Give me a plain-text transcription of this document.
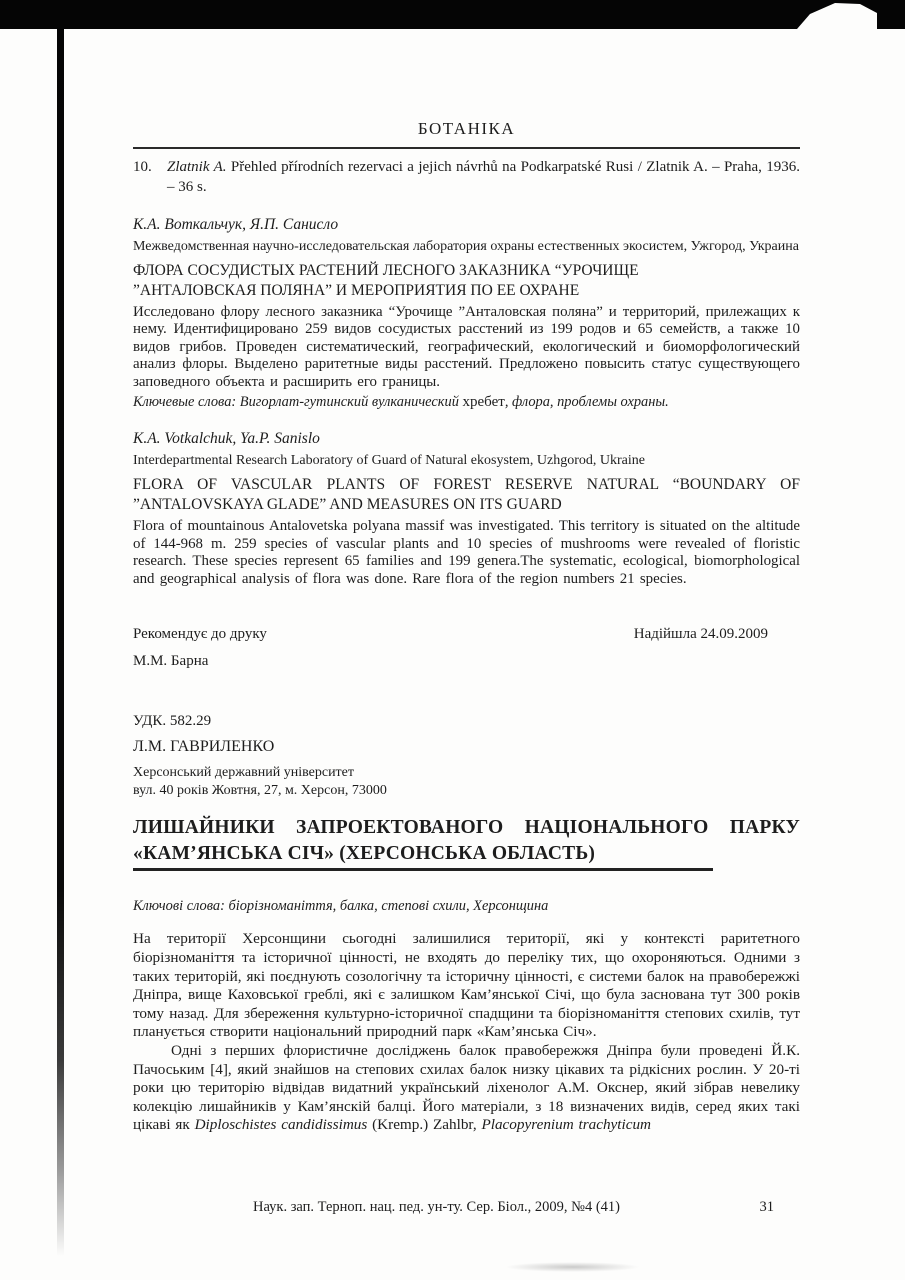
БОТАНІКА
10.	Zlatnik A. Přehled přírodních rezervaci a jejich návrhů na Podkarpatské Rusi / Zlatnik A. – Praha, 1936. – 36 s.
К.А. Воткальчук, Я.П. Санисло
Межведомственная научно-исследовательская лаборатория охраны естественных экосистем, Ужгород, Украина
ФЛОРА СОСУДИСТЫХ РАСТЕНИЙ ЛЕСНОГО ЗАКАЗНИКА “УРОЧИЩЕ
”АНТАЛОВСКАЯ ПОЛЯНА” И МЕРОПРИЯТИЯ ПО ЕЕ ОХРАНЕ
Исследовано флору лесного заказника “Урочище ”Анталовская поляна” и территорий, прилежащих к нему. Идентифицировано 259 видов сосудистых расстений из 199 родов и 65 семейств, а также 10 видов грибов. Проведен систематический, географический, екологический и биоморфологический анализ флоры. Выделено раритетные виды расстений. Предложено повысить статус существующего заповедного объекта и расширить его границы.
Ключевые слова: Вигорлат-гутинский вулканический хребет, флора, проблемы охраны.
K.A. Votkalchuk, Ya.P. Sanislo
Interdepartmental Research Laboratory of Guard of Natural ekosystem, Uzhgorod, Ukraine
FLORA OF VASCULAR PLANTS OF FOREST RESERVE NATURAL “BOUNDARY OF
”ANTALOVSKAYA GLADE” AND MEASURES ON ITS GUARD
Flora of mountainous Antalovetska polyana massif was investigated. This territory is situated on the altitude of 144-968 m. 259 species of vascular plants and 10 species of mushrooms were revealed of floristic research. These species represent 65 families and 199 genera.The systematic, ecological, biomorphological and geographical analysis of flora was done. Rare flora of the region numbers 21 species.
Рекомендує до друку	Надійшла 24.09.2009
М.М. Барна
УДК. 582.29
Л.М. ГАВРИЛЕНКО
Херсонський державний університет
вул. 40 років Жовтня, 27, м. Херсон, 73000
ЛИШАЙНИКИ ЗАПРОЕКТОВАНОГО НАЦІОНАЛЬНОГО ПАРКУ
«КАМ’ЯНСЬКА СІЧ» (ХЕРСОНСЬКА ОБЛАСТЬ)
Ключові слова: біорізноманіття, балка, степові схили, Херсонщина
На території Херсонщини сьогодні залишилися території, які у контексті раритетного біорізноманіття та історичної цінності, не входять до переліку тих, що охороняються. Одними з таких територій, які поєднують созологічну та історичну цінності, є системи балок на правобережжі Дніпра, вище Каховської греблі, які є залишком Кам’янської Січі, що була заснована тут 300 років тому назад. Для збереження культурно-історичної спадщини та біорізноманіття степових схилів, тут планується створити національний природний парк «Кам’янська Січ».
Одні з перших флористичне досліджень балок правобережжя Дніпра були проведені Й.К. Пачоським [4], який знайшов на степових схилах балок низку цікавих та рідкісних рослин. У 20-ті роки цю територію відвідав видатний український ліхенолог А.М. Окснер, який зібрав невелику колекцію лишайників у Кам’янскій балці. Його матеріали, з 18 визначених видів, серед яких такі цікаві як Diploschistes candidissimus (Kremp.) Zahlbr, Placopyrenium trachyticum
Наук. зап. Терноп. нац. пед. ун-ту. Сер. Біол., 2009, №4 (41)	31
